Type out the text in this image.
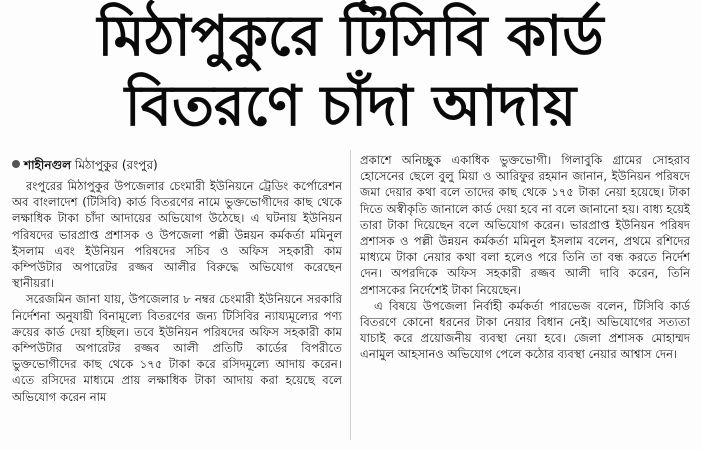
মিঠাপুকুরে টিসিবি কার্ড
বিতরণে চাঁদা আদায়
শাহীনগুল মিঠাপুকুর (রংপুর)

রংপুরের মিঠাপুকুর উপজেলার চেংমারী ইউনিয়নে ট্রেডিং কর্পোরেশন অব বাংলাদেশ (টিসিবি) কার্ড বিতরণের নামে ভুক্তভোগীদের কাছ থেকে লক্ষাধিক টাকা চাঁদা আদায়ের অভিযোগ উঠেছে। এ ঘটনায় ইউনিয়ন পরিষদের ভারপ্রাপ্ত প্রশাসক ও উপজেলা পল্লী উন্নয়ন কর্মকর্তা মমিনুল ইসলাম এবং ইউনিয়ন পরিষদের সচিব ও অফিস সহকারী কাম কম্পিউটার অপারেটর রজ্জব আলীর বিরুদ্ধে অভিযোগ করেছেন স্থানীয়রা।

সরেজমিন জানা যায়, উপজেলার ৮ নম্বর চেংমারী ইউনিয়নে সরকারি নির্দেশনা অনুযায়ী বিনামূল্যে বিতরণের জন্য টিসিবির ন্যায্যমূল্যের পণ্য ক্রয়ের কার্ড দেয়া হচ্ছিল। তবে ইউনিয়ন পরিষদের অফিস সহকারী কাম কম্পিউটার অপারেটর রজ্জব আলী প্রতিটি কার্ডের বিপরীতে ভুক্তভোগীদের কাছ থেকে ১৭৫ টাকা করে রসিদমূল্যে আদায় করেন। এতে রসিদের মাধ্যমে প্রায় লক্ষাধিক টাকা আদায় করা হয়েছে বলে অভিযোগ করেন নাম

প্রকাশে অনিচ্ছুক একাধিক ভুক্তভোগী। গিলাবুকি গ্রামের সোহরাব হোসেনের ছেলে বুলু মিয়া ও আরিফুর রহমান জানান, ইউনিয়ন পরিষদে জমা দেয়ার কথা বলে তাদের কাছ থেকে ১৭৫ টাকা নেয়া হয়েছে। টাকা দিতে অস্বীকৃতি জানালে কার্ড দেয়া হবে না বলে জানানো হয়। বাধ্য হয়েই তারা টাকা দিয়েছেন বলে অভিযোগ করেন। ভারপ্রাপ্ত ইউনিয়ন পরিষদ প্রশাসক ও পল্লী উন্নয়ন কর্মকর্তা মমিনুল ইসলাম বলেন, প্রথমে রশিদের মাধ্যমে টাকা নেয়ার কথা বলা হলেও পরে তিনি তা বন্ধ করতে নির্দেশ দেন। অপরদিকে অফিস সহকারী রজ্জব আলী দাবি করেন, তিনি প্রশাসকের নির্দেশেই টাকা নিয়েছেন।

এ বিষয়ে উপজেলা নির্বাহী কর্মকর্তা পারভেজ বলেন, টিসিবি কার্ড বিতরণে কোনো ধরনের টাকা নেয়ার বিধান নেই। অভিযোগের সত্যতা যাচাই করে প্রয়োজনীয় ব্যবস্থা নেয়া হবে। জেলা প্রশাসক মোহাম্মদ এনামুল আহসানও অভিযোগ পেলে কঠোর ব্যবস্থা নেয়ার আশ্বাস দেন।
